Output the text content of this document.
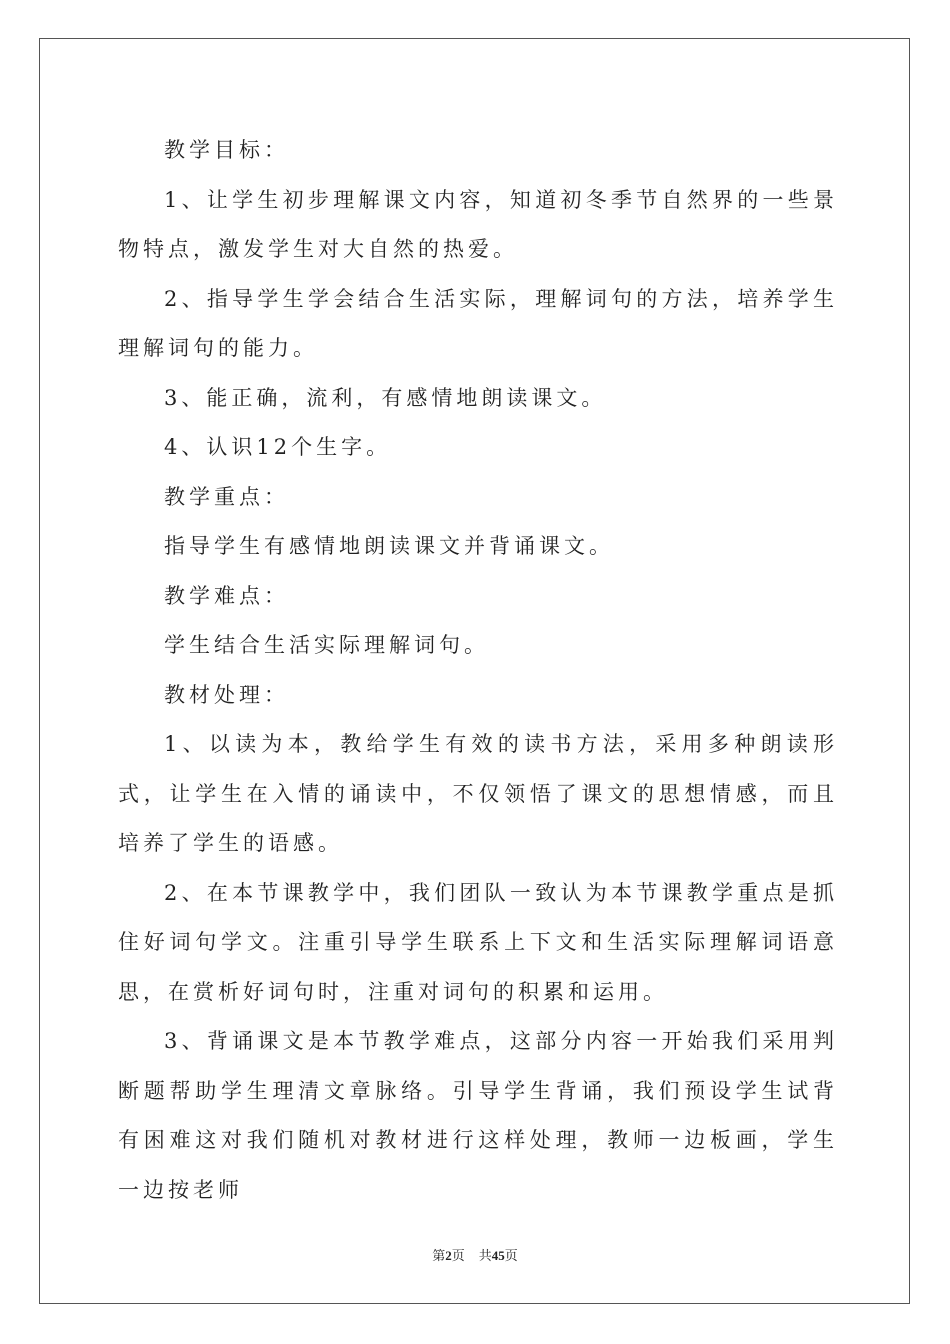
教学目标：

1、让学生初步理解课文内容，知道初冬季节自然界的一些景物特点，激发学生对大自然的热爱。

2、指导学生学会结合生活实际，理解词句的方法，培养学生理解词句的能力。

3、能正确，流利，有感情地朗读课文。

4、认识12个生字。

教学重点：

指导学生有感情地朗读课文并背诵课文。

教学难点：

学生结合生活实际理解词句。

教材处理：

1、以读为本，教给学生有效的读书方法，采用多种朗读形式，让学生在入情的诵读中，不仅领悟了课文的思想情感，而且培养了学生的语感。

2、在本节课教学中，我们团队一致认为本节课教学重点是抓住好词句学文。注重引导学生联系上下文和生活实际理解词语意思，在赏析好词句时，注重对词句的积累和运用。

3、背诵课文是本节教学难点，这部分内容一开始我们采用判断题帮助学生理清文章脉络。引导学生背诵，我们预设学生试背有困难这对我们随机对教材进行这样处理，教师一边板画，学生一边按老师

第2页 共45页
